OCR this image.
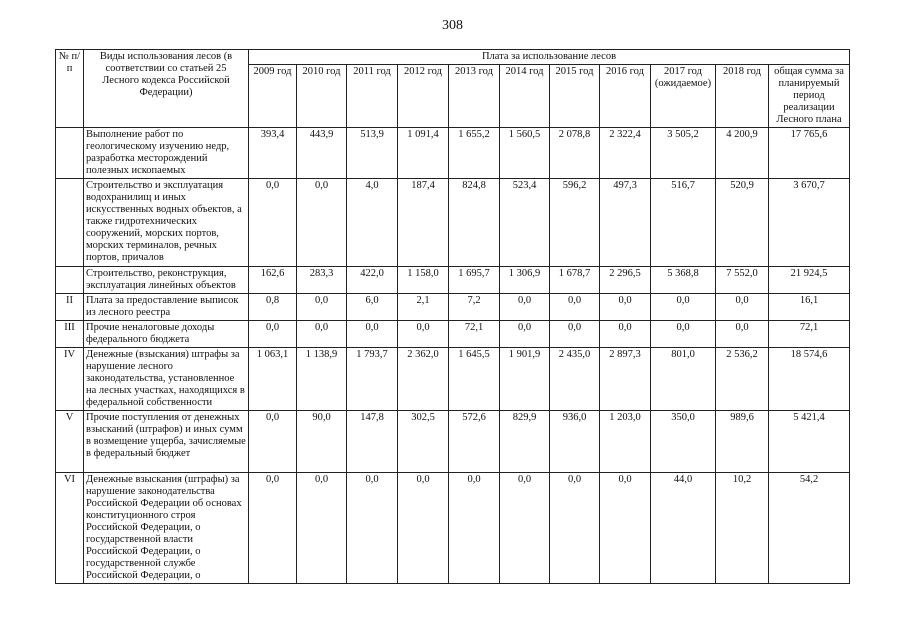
308
№ п/п	Виды использования лесов (в соответствии со статьей 25 Лесного кодекса Российской Федерации)	Плата за использование лесов										
		2009 год	2010 год	2011 год	2012 год	2013 год	2014 год	2015 год	2016 год	2017 год (ожидаемое)	2018 год	общая сумма за планируемый период реализации Лесного плана
	Выполнение работ по геологическому изучению недр, разработка месторождений полезных ископаемых	393,4	443,9	513,9	1 091,4	1 655,2	1 560,5	2 078,8	2 322,4	3 505,2	4 200,9	17 765,6
	Строительство и эксплуатация водохранилищ и иных искусственных водных объектов, а также гидротехнических сооружений, морских портов, морских терминалов, речных портов, причалов	0,0	0,0	4,0	187,4	824,8	523,4	596,2	497,3	516,7	520,9	3 670,7
	Строительство, реконструкция, эксплуатация линейных объектов	162,6	283,3	422,0	1 158,0	1 695,7	1 306,9	1 678,7	2 296,5	5 368,8	7 552,0	21 924,5
II	Плата за предоставление выписок из лесного реестра	0,8	0,0	6,0	2,1	7,2	0,0	0,0	0,0	0,0	0,0	16,1
III	Прочие неналоговые доходы федерального бюджета	0,0	0,0	0,0	0,0	72,1	0,0	0,0	0,0	0,0	0,0	72,1
IV	Денежные (взыскания) штрафы за нарушение лесного законодательства, установленное на лесных участках, находящихся в федеральной собственности	1 063,1	1 138,9	1 793,7	2 362,0	1 645,5	1 901,9	2 435,0	2 897,3	801,0	2 536,2	18 574,6
V	Прочие поступления от денежных взысканий (штрафов) и иных сумм в возмещение ущерба, зачисляемые в федеральный бюджет	0,0	90,0	147,8	302,5	572,6	829,9	936,0	1 203,0	350,0	989,6	5 421,4
VI	Денежные взыскания (штрафы) за нарушение законодательства Российской Федерации об основах конституционного строя Российской Федерации, о государственной власти Российской Федерации, о государственной службе Российской Федерации, о	0,0	0,0	0,0	0,0	0,0	0,0	0,0	0,0	44,0	10,2	54,2
